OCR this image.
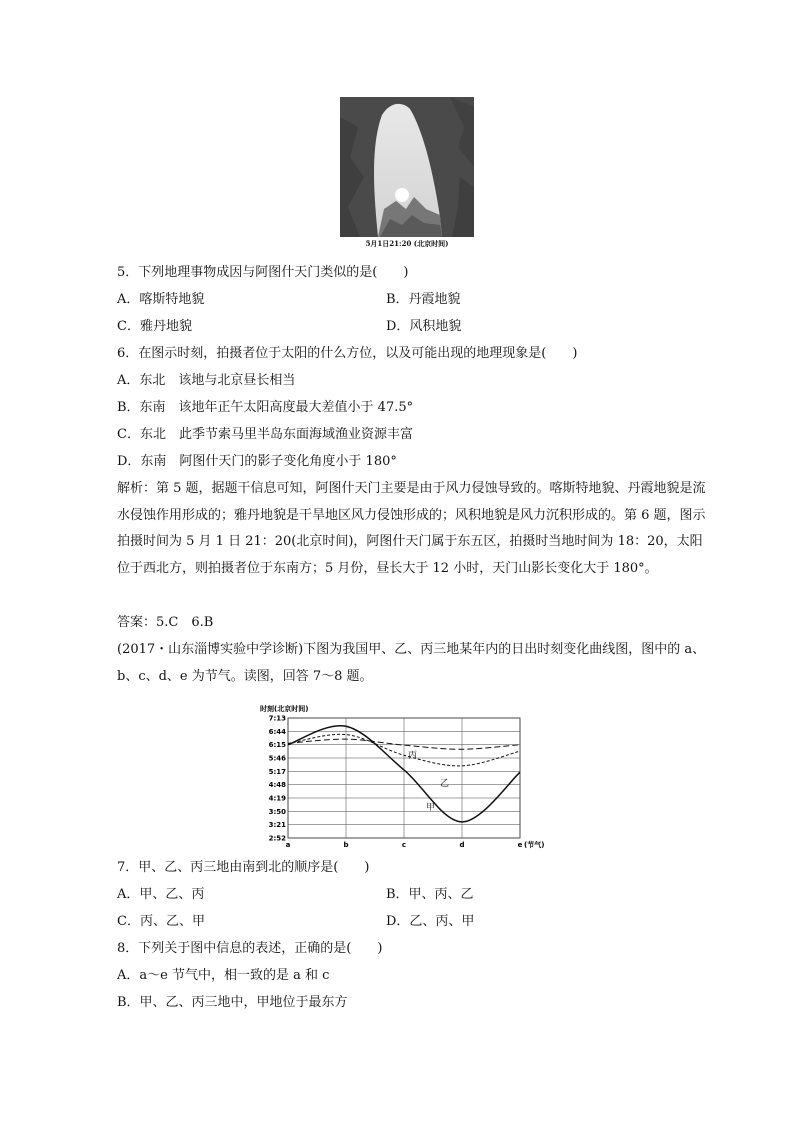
5月1日21:20 (北京时间)
5．下列地理事物成因与阿图什天门类似的是(　　)
A．喀斯特地貌	B．丹霞地貌
C．雅丹地貌	D．风积地貌
6．在图示时刻，拍摄者位于太阳的什么方位，以及可能出现的地理现象是(　　)
A．东北　该地与北京昼长相当
B．东南　该地年正午太阳高度最大差值小于 47.5°
C．东北　此季节索马里半岛东面海域渔业资源丰富
D．东南　阿图什天门的影子变化角度小于 180°
解析：第 5 题，据题干信息可知，阿图什天门主要是由于风力侵蚀导致的。喀斯特地貌、丹霞地貌是流水侵蚀作用形成的；雅丹地貌是干旱地区风力侵蚀形成的；风积地貌是风力沉积形成的。第 6 题，图示拍摄时间为 5 月 1 日 21：20(北京时间)，阿图什天门属于东五区，拍摄时当地时间为 18：20，太阳位于西北方，则拍摄者位于东南方；5 月份，昼长大于 12 小时，天门山影长变化大于 180°。
答案：5.C　6.B
(2017・山东淄博实验中学诊断)下图为我国甲、乙、丙三地某年内的日出时刻变化曲线图，图中的 a、b、c、d、e 为节气。读图，回答 7～8 题。
时刻(北京时间)
7:13
6:44
6:15
5:46
5:17
4:48
4:19
3:50
3:21
2:52
a	b	c	d	e (节气)
甲
乙
丙
7．甲、乙、丙三地由南到北的顺序是(　　)
A．甲、乙、丙	B．甲、丙、乙
C．丙、乙、甲	D．乙、丙、甲
8．下列关于图中信息的表述，正确的是(　　)
A．a～e 节气中，相一致的是 a 和 c
B．甲、乙、丙三地中，甲地位于最东方
